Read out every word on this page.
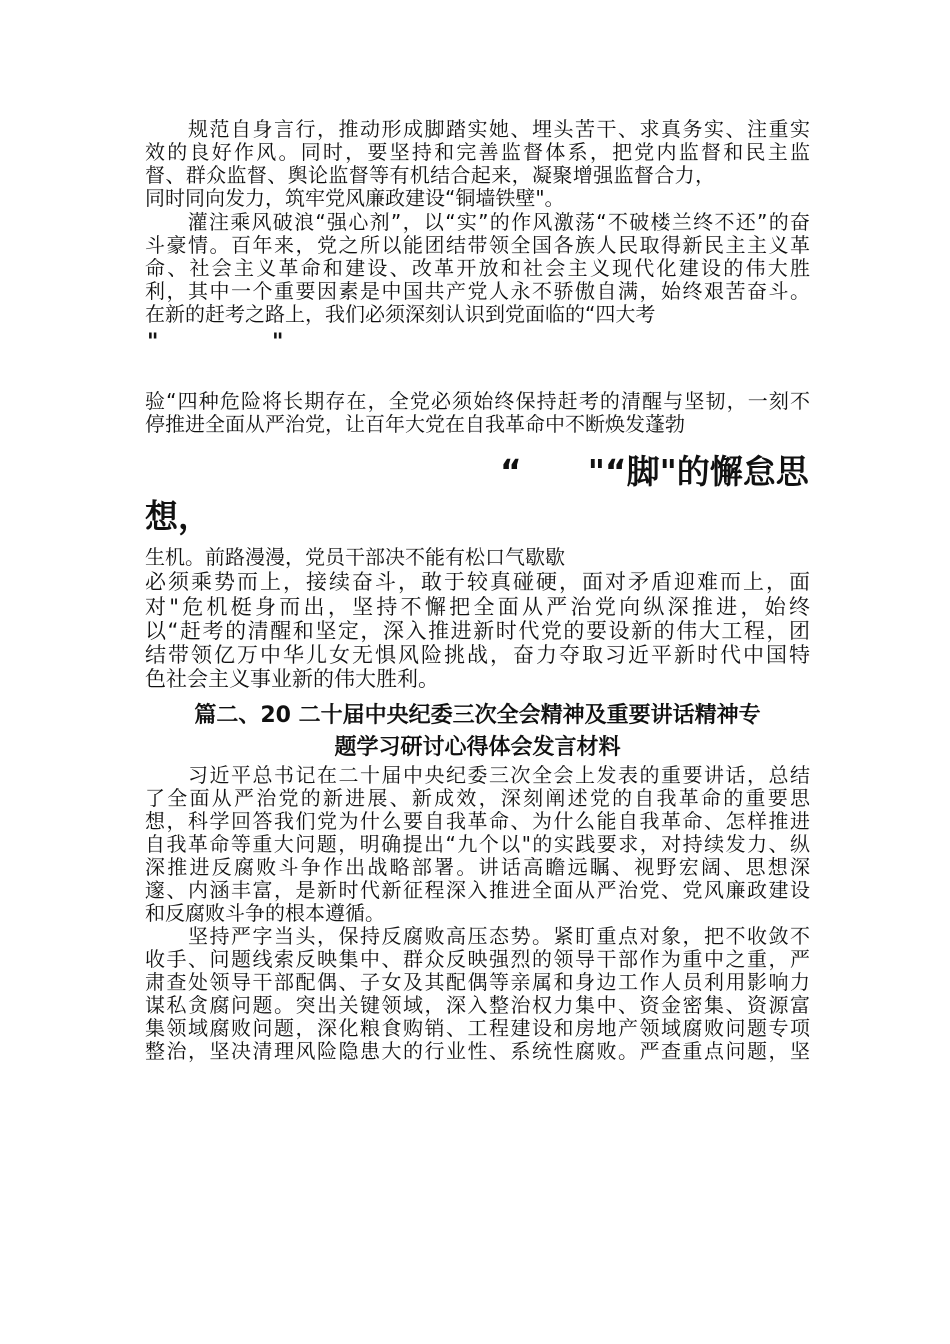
　　规范自身言行，推动形成脚踏实她、埋头苦干、求真务实、注重实
效的良好作风。同时，要坚持和完善监督体系，把党内监督和民主监
督、群众监督、舆论监督等有机结合起来，凝聚增强监督合力，
同时同向发力，筑牢党风廉政建设“铜墙铁壁"。
　　灌注乘风破浪“强心剂”，以“实”的作风激荡“不破楼兰终不还”的奋
斗豪情。百年来，党之所以能团结带领全国各族人民取得新民主主义革
命、社会主义革命和建设、改革开放和社会主义现代化建设的伟大胜
利，其中一个重要因素是中国共产党人永不骄傲自满，始终艰苦奋斗。
在新的赶考之路上，我们必须深刻认识到党面临的“四大考
"	"
验“四种危险将长期存在，全党必须始终保持赶考的清醒与坚韧，一刻不
停推进全面从严治党，让百年大党在自我革命中不断焕发蓬勃
“　　"“脚"的懈怠思
想，
生机。前路漫漫，党员干部决不能有松口气歇歇
必须乘势而上，接续奋斗，敢于较真碰硬，面对矛盾迎难而上，面
对"危机梃身而出，坚持不懈把全面从严治党向纵深推进，始终
以“赶考的清醒和坚定，深入推进新时代党的要设新的伟大工程，团
结带领亿万中华儿女无惧风险挑战，奋力夺取习近平新时代中国特
色社会主义事业新的伟大胜利。
篇二、20 二十届中央纪委三次全会精神及重要讲话精神专
题学习研讨心得体会发言材料
　　习近平总书记在二十届中央纪委三次全会上发表的重要讲话，总结
了全面从严治党的新进展、新成效，深刻阐述党的自我革命的重要思
想，科学回答我们党为什么要自我革命、为什么能自我革命、怎样推进
自我革命等重大问题，明确提出“九个以"的实践要求，对持续发力、纵
深推进反腐败斗争作出战略部署。讲话高瞻远瞩、视野宏阔、思想深
邃、内涵丰富，是新时代新征程深入推进全面从严治党、党风廉政建设
和反腐败斗争的根本遵循。
　　坚持严字当头，保持反腐败高压态势。紧盯重点对象，把不收敛不
收手、问题线索反映集中、群众反映强烈的领导干部作为重中之重，严
肃查处领导干部配偶、子女及其配偶等亲属和身边工作人员利用影响力
谋私贪腐问题。突出关键领域，深入整治权力集中、资金密集、资源富
集领域腐败问题，深化粮食购销、工程建设和房地产领域腐败问题专项
整治，坚决清理风险隐患大的行业性、系统性腐败。严查重点问题，坚
